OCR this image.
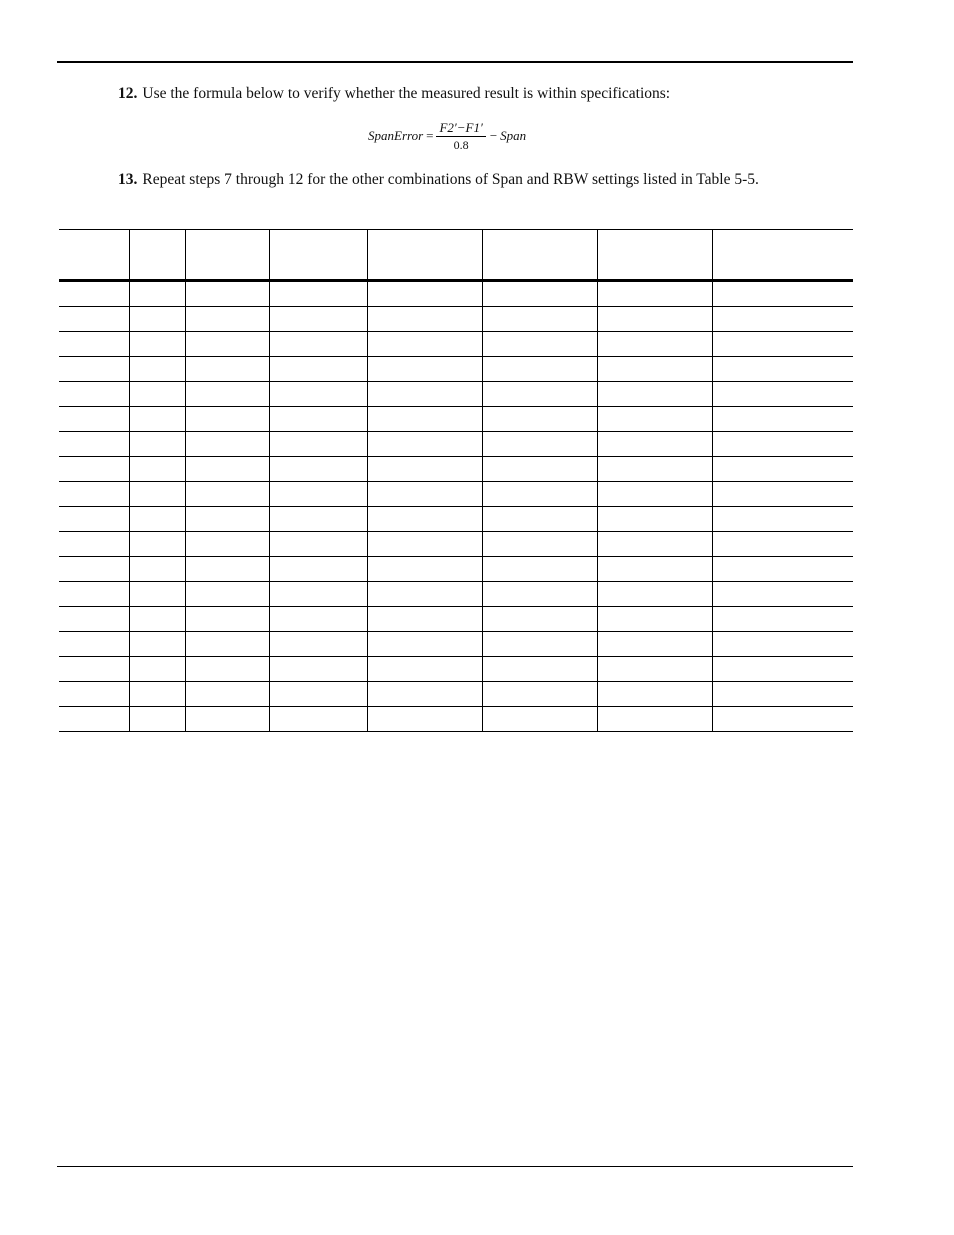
12. Use the formula below to verify whether the measured result is within specifications:
SpanError = $\frac{F2'-F1'}{0.8}$ − Span
13. Repeat steps 7 through 12 for the other combinations of Span and RBW settings listed in Table 5-5.
